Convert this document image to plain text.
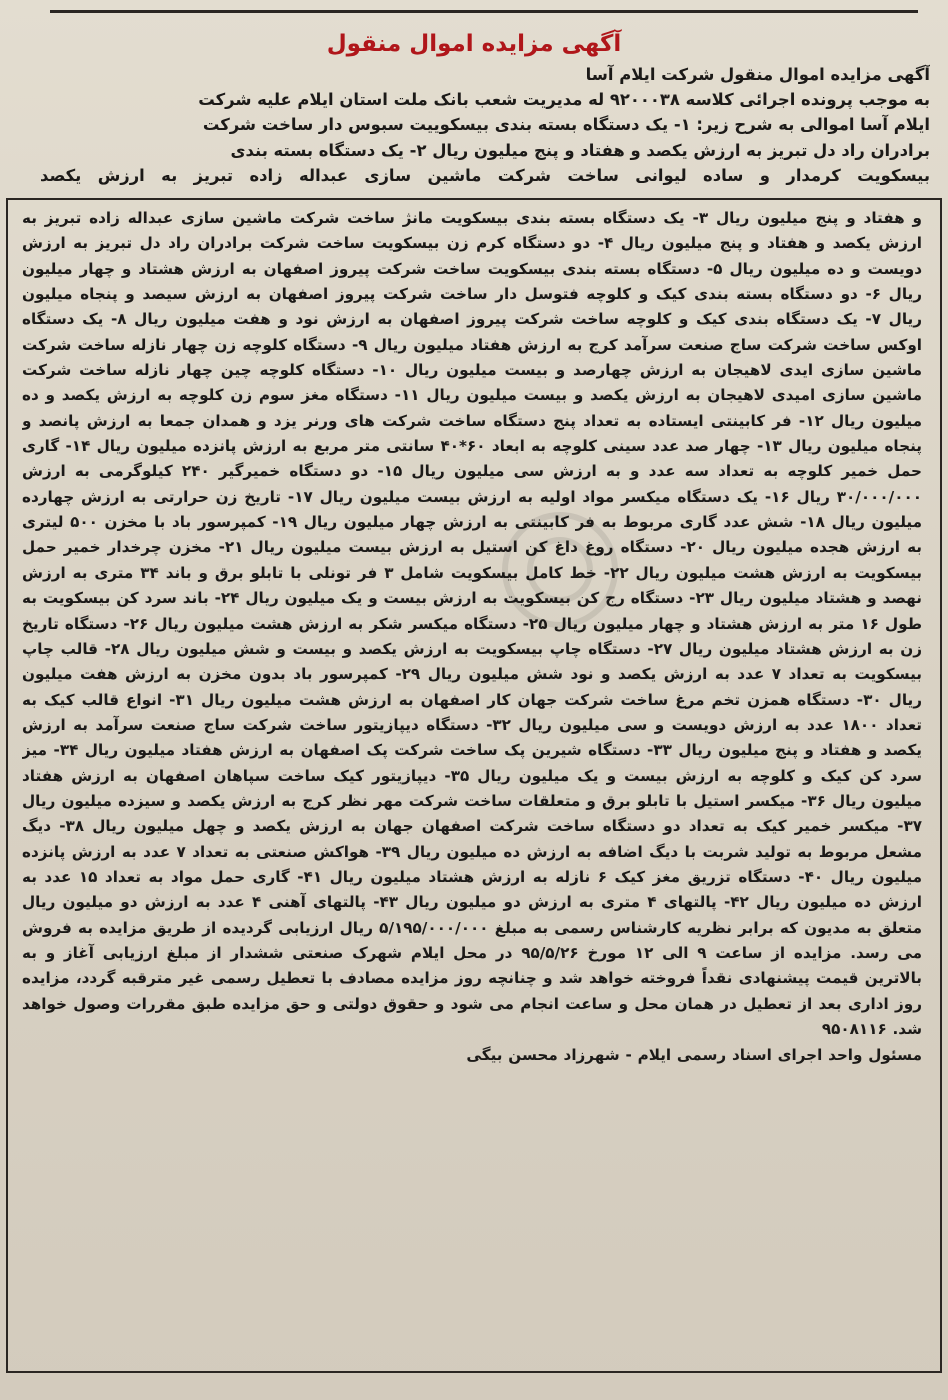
آگهی مزایده اموال منقول
آگهی مزایده اموال منقول شرکت ایلام آسا
به موجب پرونده اجرائی کلاسه ۹۲۰۰۰۳۸ له مدیریت شعب بانک ملت استان ایلام علیه شرکت
ایلام آسا اموالی به شرح زیر: ۱- یک دستگاه بسته بندی بیسکوییت سبوس دار ساخت شرکت
برادران راد دل تبریز به ارزش یکصد و هفتاد و پنج میلیون ریال ۲- یک دستگاه بسته بندی
بیسکویت کرمدار و ساده لیوانی ساخت شرکت ماشین سازی عبداله زاده تبریز به ارزش یکصد
و هفتاد و پنج میلیون ریال ۳- یک دستگاه بسته بندی بیسکویت مانژ ساخت شرکت ماشین سازی عبداله زاده تبریز به ارزش یکصد و هفتاد و پنج میلیون ریال ۴- دو دستگاه کرم زن بیسکویت ساخت شرکت برادران راد دل تبریز به ارزش دویست و ده میلیون ریال ۵- دستگاه بسته بندی بیسکویت ساخت شرکت پیروز اصفهان به ارزش هشتاد و چهار میلیون ریال ۶- دو دستگاه بسته بندی کیک و کلوچه فتوسل دار ساخت شرکت پیروز اصفهان به ارزش سیصد و پنجاه میلیون ریال ۷- یک دستگاه بندی کیک و کلوچه ساخت شرکت پیروز اصفهان به ارزش نود و هفت میلیون ریال ۸- یک دستگاه اوکس ساخت شرکت ساج صنعت سرآمد کرج به ارزش هفتاد میلیون ریال ۹- دستگاه کلوچه زن چهار نازله ساخت شرکت ماشین سازی ایدی لاهیجان به ارزش چهارصد و بیست میلیون ریال ۱۰- دستگاه کلوچه چین چهار نازله ساخت شرکت ماشین سازی امیدی لاهیجان به ارزش یکصد و بیست میلیون ریال ۱۱- دستگاه مغز سوم زن کلوچه به ارزش یکصد و ده میلیون ریال ۱۲- فر کابینتی ایستاده به تعداد پنج دستگاه ساخت شرکت های ورنر یزد و همدان جمعا به ارزش پانصد و پنجاه میلیون ریال ۱۳- چهار صد عدد سینی کلوچه به ابعاد ۶۰*۴۰ سانتی متر مربع به ارزش پانزده میلیون ریال ۱۴- گاری حمل خمیر کلوچه به تعداد سه عدد و به ارزش سی میلیون ریال ۱۵- دو دستگاه خمیرگیر ۲۴۰ کیلوگرمی به ارزش ۳۰/۰۰۰/۰۰۰ ریال ۱۶- یک دستگاه میکسر مواد اولیه به ارزش بیست میلیون ریال ۱۷- تاریخ زن حرارتی به ارزش چهارده میلیون ریال ۱۸- شش عدد گاری مربوط به فر کابینتی به ارزش چهار میلیون ریال ۱۹- کمپرسور باد با مخزن ۵۰۰ لیتری به ارزش هجده میلیون ریال ۲۰- دستگاه روغ داغ کن استیل به ارزش بیست میلیون ریال ۲۱- مخزن چرخدار خمیر حمل بیسکویت به ارزش هشت میلیون ریال ۲۲- خط کامل بیسکویت شامل ۳ فر تونلی با تابلو برق و باند ۳۴ متری به ارزش نهصد و هشتاد میلیون ریال ۲۳- دستگاه رج کن بیسکویت به ارزش بیست و یک میلیون ریال ۲۴- باند سرد کن بیسکویت به طول ۱۶ متر به ارزش هشتاد و چهار میلیون ریال ۲۵- دستگاه میکسر شکر به ارزش هشت میلیون ریال ۲۶- دستگاه تاریخ زن به ارزش هشتاد میلیون ریال ۲۷- دستگاه چاپ بیسکویت به ارزش یکصد و بیست و شش میلیون ریال ۲۸- قالب چاپ بیسکویت به تعداد ۷ عدد به ارزش یکصد و نود شش میلیون ریال ۲۹- کمپرسور باد بدون مخزن به ارزش هفت میلیون ریال ۳۰- دستگاه همزن تخم مرغ ساخت شرکت جهان کار اصفهان به ارزش هشت میلیون ریال ۳۱- انواع قالب کیک به تعداد ۱۸۰۰ عدد به ارزش دویست و سی میلیون ریال ۳۲- دستگاه دیپازیتور ساخت شرکت ساج صنعت سرآمد به ارزش یکصد و هفتاد و پنج میلیون ریال ۳۳- دستگاه شیرین پک ساخت شرکت پک اصفهان به ارزش هفتاد میلیون ریال ۳۴- میز سرد کن کیک و کلوچه به ارزش بیست و یک میلیون ریال ۳۵- دیپازیتور کیک ساخت سپاهان اصفهان به ارزش هفتاد میلیون ریال ۳۶- میکسر استیل با تابلو برق و متعلقات ساخت شرکت مهر نظر کرج به ارزش یکصد و سیزده میلیون ریال ۳۷- میکسر خمیر کیک به تعداد دو دستگاه ساخت شرکت اصفهان جهان به ارزش یکصد و چهل میلیون ریال ۳۸- دیگ مشعل مربوط به تولید شربت با دیگ اضافه به ارزش ده میلیون ریال ۳۹- هواکش صنعتی به تعداد ۷ عدد به ارزش پانزده میلیون ریال ۴۰- دستگاه تزریق مغز کیک ۶ نازله به ارزش هشتاد میلیون ریال ۴۱- گاری حمل مواد به تعداد ۱۵ عدد به ارزش ده میلیون ریال ۴۲- پالتهای ۴ متری به ارزش دو میلیون ریال ۴۳- پالتهای آهنی ۴ عدد به ارزش دو میلیون ریال متعلق به مدیون که برابر نظریه کارشناس رسمی به مبلغ ۵/۱۹۵/۰۰۰/۰۰۰ ریال ارزیابی گردیده از طریق مزایده به فروش می رسد. مزایده از ساعت ۹ الی ۱۲ مورخ ۹۵/۵/۲۶ در محل ایلام شهرک صنعتی ششدار از مبلغ ارزیابی آغاز و به بالاترین قیمت پیشنهادی نقداً فروخته خواهد شد و چنانچه روز مزایده مصادف با تعطیل رسمی غیر مترقبه گردد، مزایده روز اداری بعد از تعطیل در همان محل و ساعت انجام می شود و حقوق دولتی و حق مزایده طبق مقررات وصول خواهد شد. ۹۵۰۸۱۱۶
مسئول واحد اجرای اسناد رسمی ایلام - شهرزاد محسن بیگی
